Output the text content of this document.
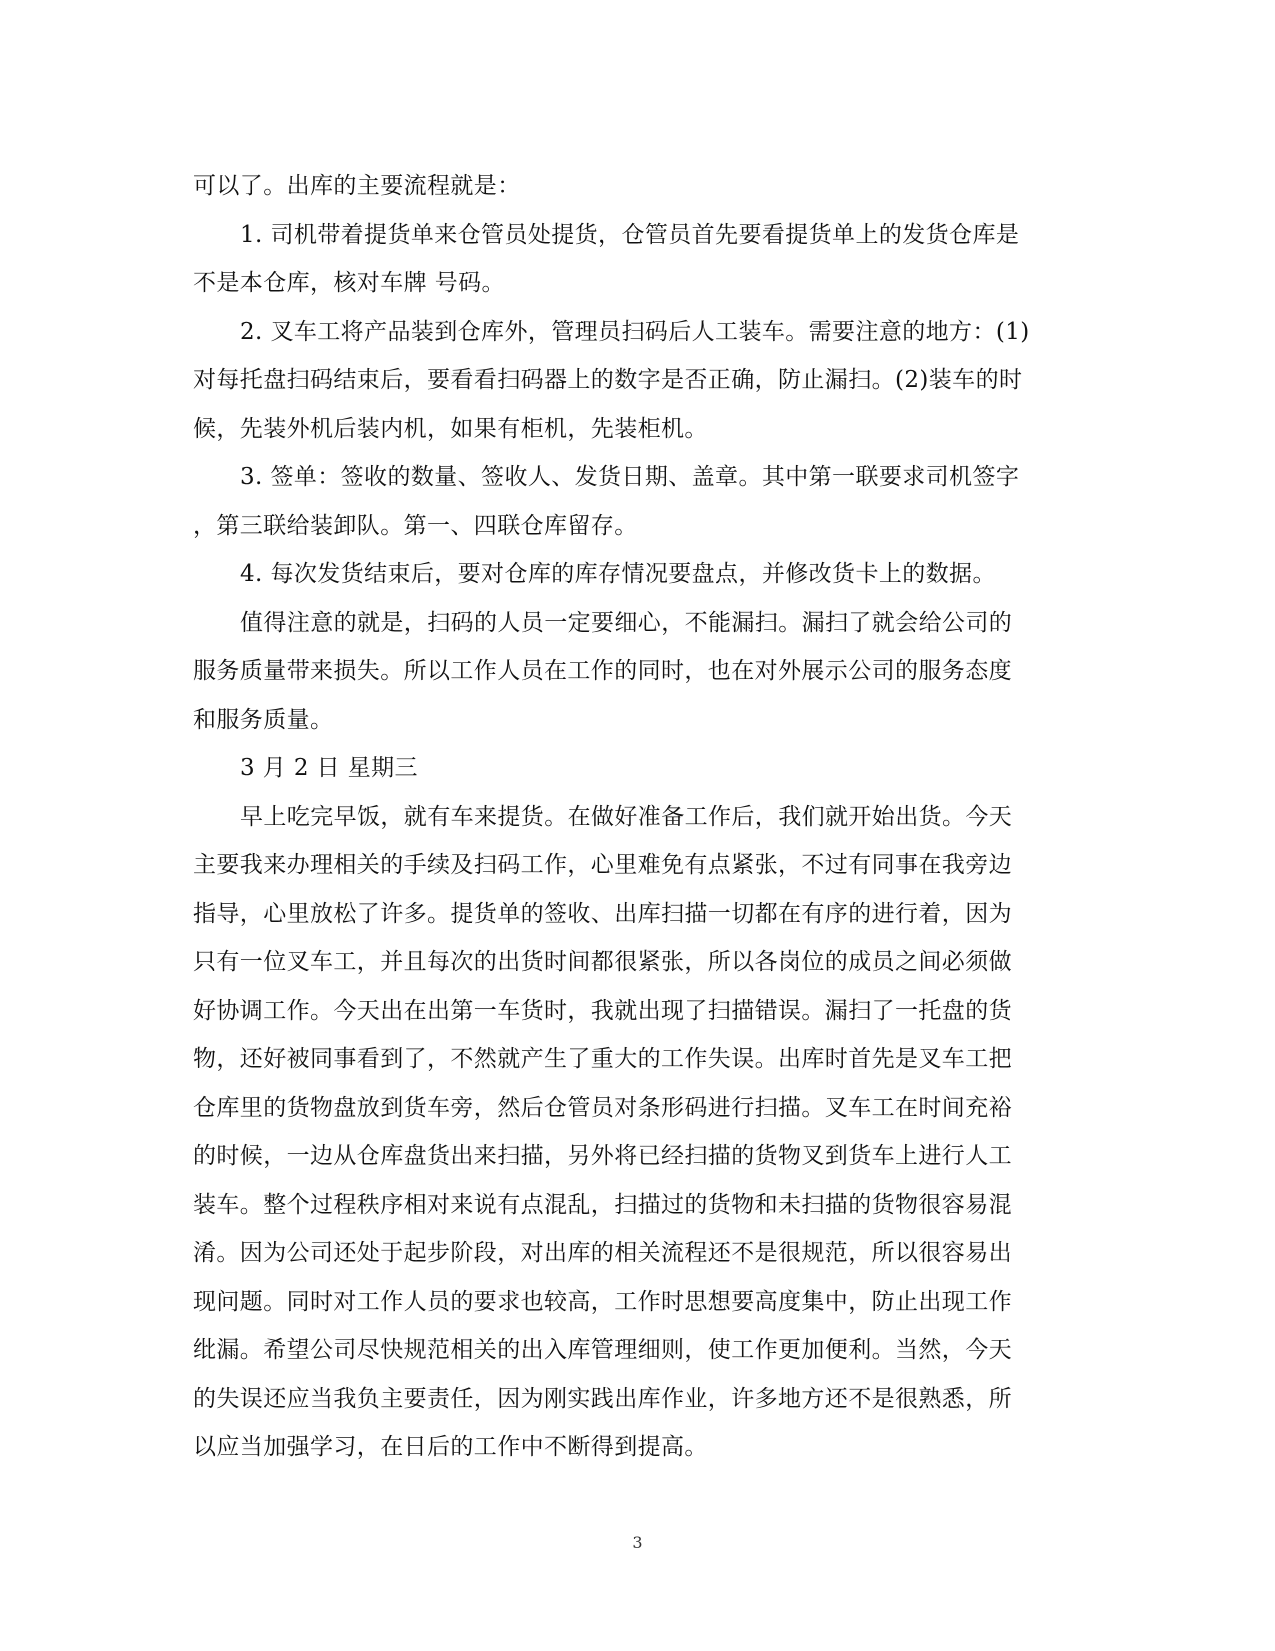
可以了。出库的主要流程就是：
1. 司机带着提货单来仓管员处提货，仓管员首先要看提货单上的发货仓库是
不是本仓库，核对车牌 号码。
2. 叉车工将产品装到仓库外，管理员扫码后人工装车。需要注意的地方：(1)
对每托盘扫码结束后，要看看扫码器上的数字是否正确，防止漏扫。(2)装车的时
候，先装外机后装内机，如果有柜机，先装柜机。
3. 签单：签收的数量、签收人、发货日期、盖章。其中第一联要求司机签字
，第三联给装卸队。第一、四联仓库留存。
4. 每次发货结束后，要对仓库的库存情况要盘点，并修改货卡上的数据。
值得注意的就是，扫码的人员一定要细心，不能漏扫。漏扫了就会给公司的
服务质量带来损失。所以工作人员在工作的同时，也在对外展示公司的服务态度
和服务质量。
3 月 2 日 星期三
早上吃完早饭，就有车来提货。在做好准备工作后，我们就开始出货。今天
主要我来办理相关的手续及扫码工作，心里难免有点紧张，不过有同事在我旁边
指导，心里放松了许多。提货单的签收、出库扫描一切都在有序的进行着，因为
只有一位叉车工，并且每次的出货时间都很紧张，所以各岗位的成员之间必须做
好协调工作。今天出在出第一车货时，我就出现了扫描错误。漏扫了一托盘的货
物，还好被同事看到了，不然就产生了重大的工作失误。出库时首先是叉车工把
仓库里的货物盘放到货车旁，然后仓管员对条形码进行扫描。叉车工在时间充裕
的时候，一边从仓库盘货出来扫描，另外将已经扫描的货物叉到货车上进行人工
装车。整个过程秩序相对来说有点混乱，扫描过的货物和未扫描的货物很容易混
淆。因为公司还处于起步阶段，对出库的相关流程还不是很规范，所以很容易出
现问题。同时对工作人员的要求也较高，工作时思想要高度集中，防止出现工作
纰漏。希望公司尽快规范相关的出入库管理细则，使工作更加便利。当然，今天
的失误还应当我负主要责任，因为刚实践出库作业，许多地方还不是很熟悉，所
以应当加强学习，在日后的工作中不断得到提高。
3
